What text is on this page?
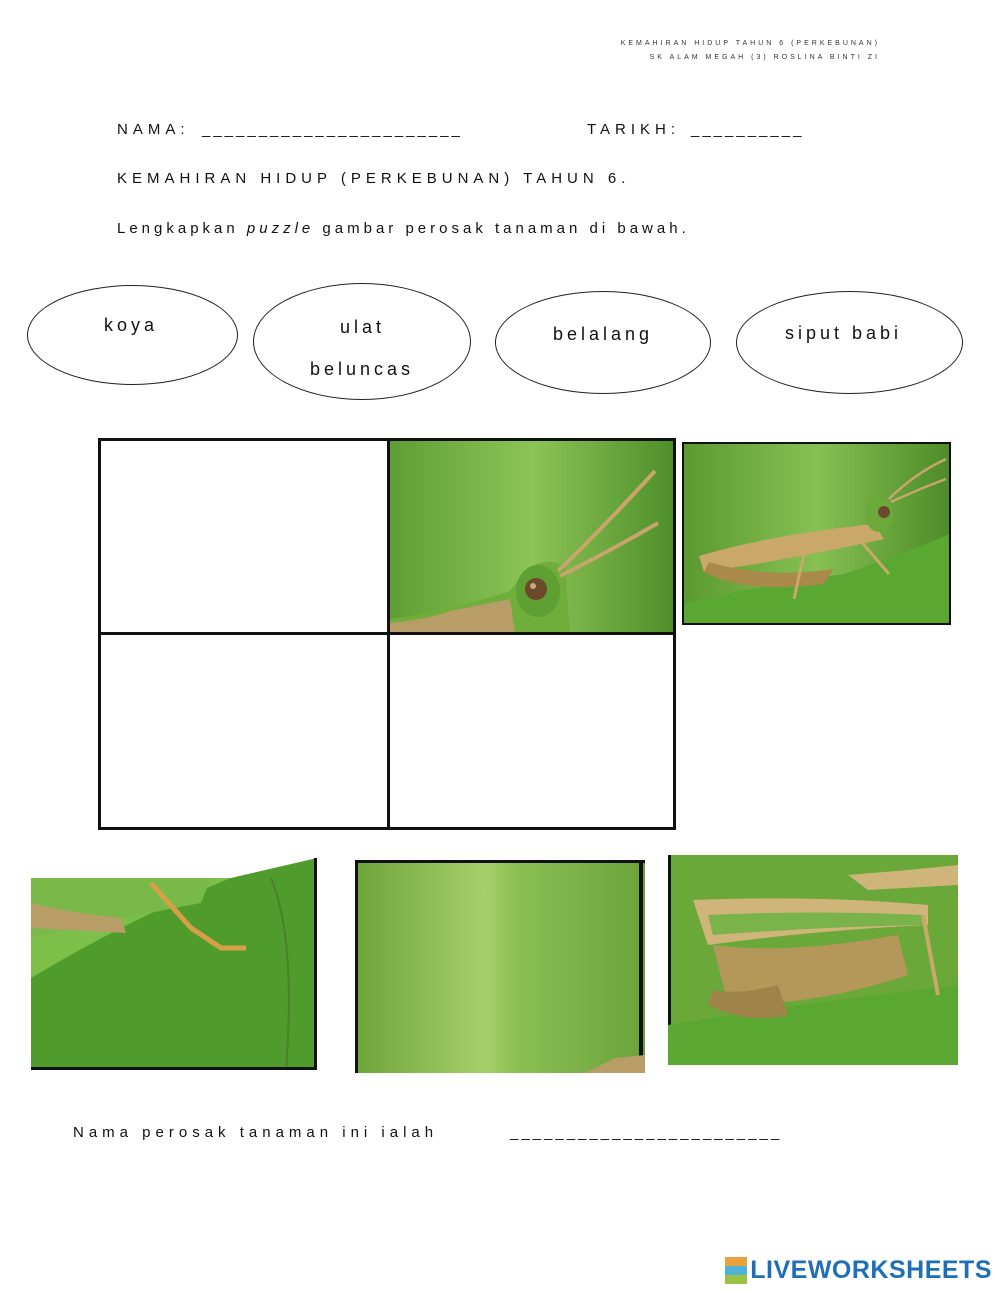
KEMAHIRAN HIDUP TAHUN 6 (PERKEBUNAN)
SK ALAM MEGAH (3) ROSLINA BINTI ZI
NAMA: _______________________	TARIKH: __________
KEMAHIRAN HIDUP (PERKEBUNAN) TAHUN 6.
Lengkapkan puzzle gambar perosak tanaman di bawah.
koya	ulat
beluncas
belalang	siput babi
Nama perosak tanaman ini ialah	________________________
LIVEWORKSHEETS
